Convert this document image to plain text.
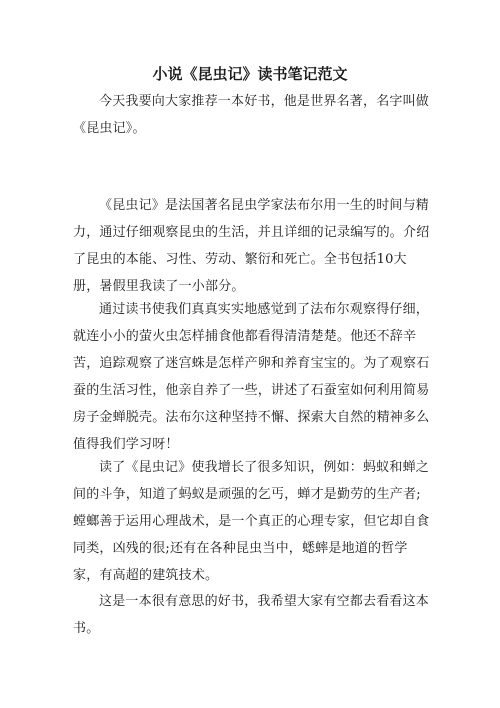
小说《昆虫记》读书笔记范文

今天我要向大家推荐一本好书，他是世界名著，名字叫做《昆虫记》。

《昆虫记》是法国著名昆虫学家法布尔用一生的时间与精力，通过仔细观察昆虫的生活，并且详细的记录编写的。介绍了昆虫的本能、习性、劳动、繁衍和死亡。全书包括10大册，暑假里我读了一小部分。

通过读书使我们真真实实地感觉到了法布尔观察得仔细，就连小小的萤火虫怎样捕食他都看得清清楚楚。他还不辞辛苦，追踪观察了迷宫蛛是怎样产卵和养育宝宝的。为了观察石蚕的生活习性，他亲自养了一些，讲述了石蚕室如何利用简易房子金蝉脱壳。法布尔这种坚持不懈、探索大自然的精神多么值得我们学习呀！

读了《昆虫记》使我增长了很多知识，例如：蚂蚁和蝉之间的斗争，知道了蚂蚁是顽强的乞丐，蝉才是勤劳的生产者;螳螂善于运用心理战术，是一个真正的心理专家，但它却自食同类，凶残的很;还有在各种昆虫当中，蟋蟀是地道的哲学家，有高超的建筑技术。

这是一本很有意思的好书，我希望大家有空都去看看这本书。
